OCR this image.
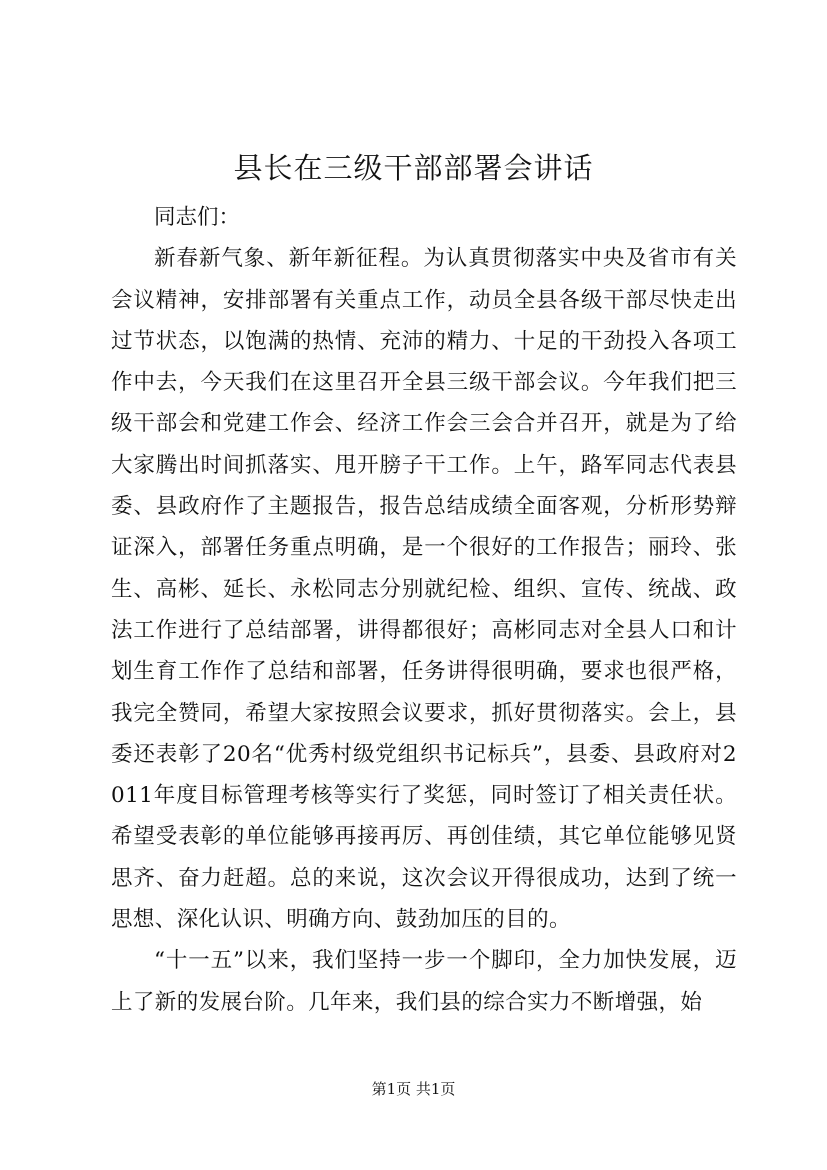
县长在三级干部部署会讲话

同志们：

新春新气象、新年新征程。为认真贯彻落实中央及省市有关会议精神，安排部署有关重点工作，动员全县各级干部尽快走出过节状态，以饱满的热情、充沛的精力、十足的干劲投入各项工作中去，今天我们在这里召开全县三级干部会议。今年我们把三级干部会和党建工作会、经济工作会三会合并召开，就是为了给大家腾出时间抓落实、甩开膀子干工作。上午，路军同志代表县委、县政府作了主题报告，报告总结成绩全面客观，分析形势辩证深入，部署任务重点明确，是一个很好的工作报告；丽玲、张生、高彬、延长、永松同志分别就纪检、组织、宣传、统战、政法工作进行了总结部署，讲得都很好；高彬同志对全县人口和计划生育工作作了总结和部署，任务讲得很明确，要求也很严格，我完全赞同，希望大家按照会议要求，抓好贯彻落实。会上，县委还表彰了20名“优秀村级党组织书记标兵”，县委、县政府对2011年度目标管理考核等实行了奖惩，同时签订了相关责任状。希望受表彰的单位能够再接再厉、再创佳绩，其它单位能够见贤思齐、奋力赶超。总的来说，这次会议开得很成功，达到了统一思想、深化认识、明确方向、鼓劲加压的目的。

“十一五”以来，我们坚持一步一个脚印，全力加快发展，迈上了新的发展台阶。几年来，我们县的综合实力不断增强，始

第1页 共1页
